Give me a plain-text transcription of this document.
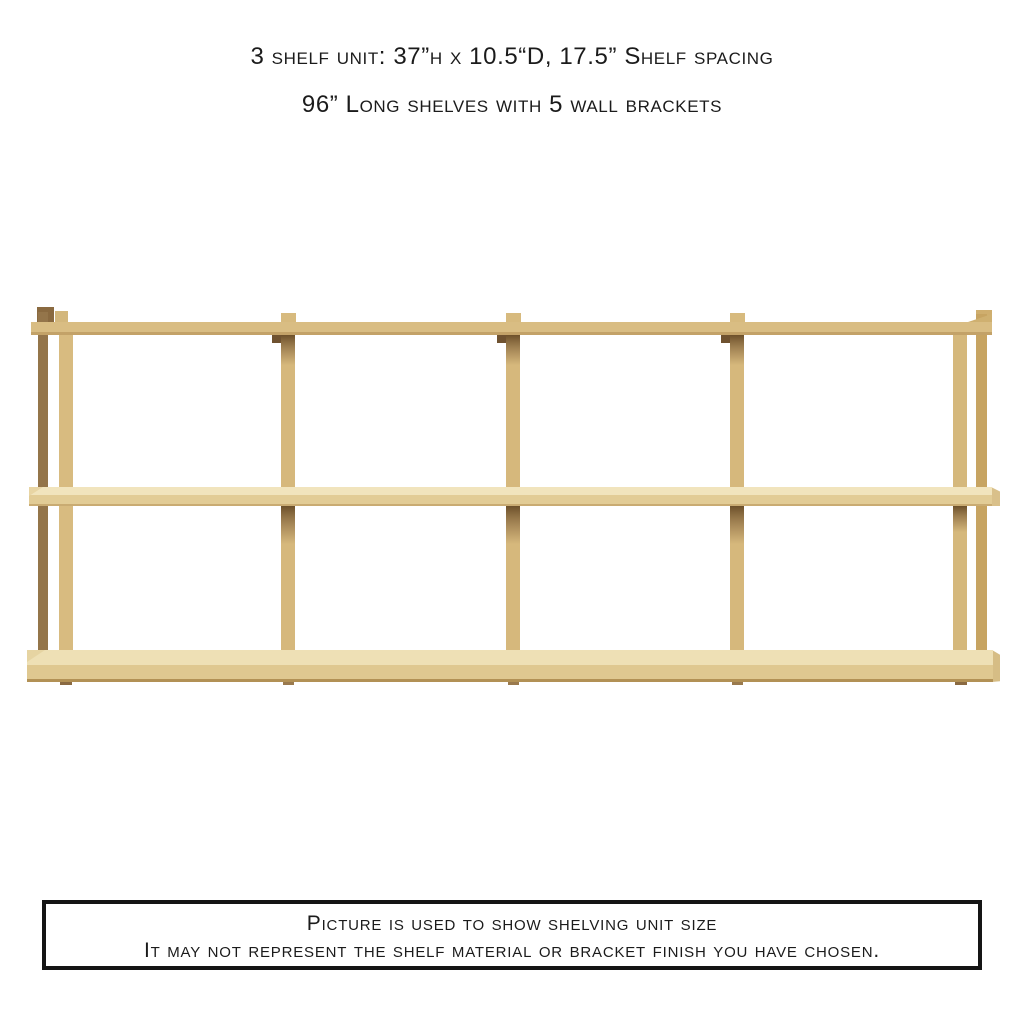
3 shelf unit: 37”h x 10.5“D, 17.5” Shelf spacing
96” Long shelves with 5 wall brackets
Picture is used to show shelving unit size
It may not represent the shelf material or bracket finish you have chosen.
